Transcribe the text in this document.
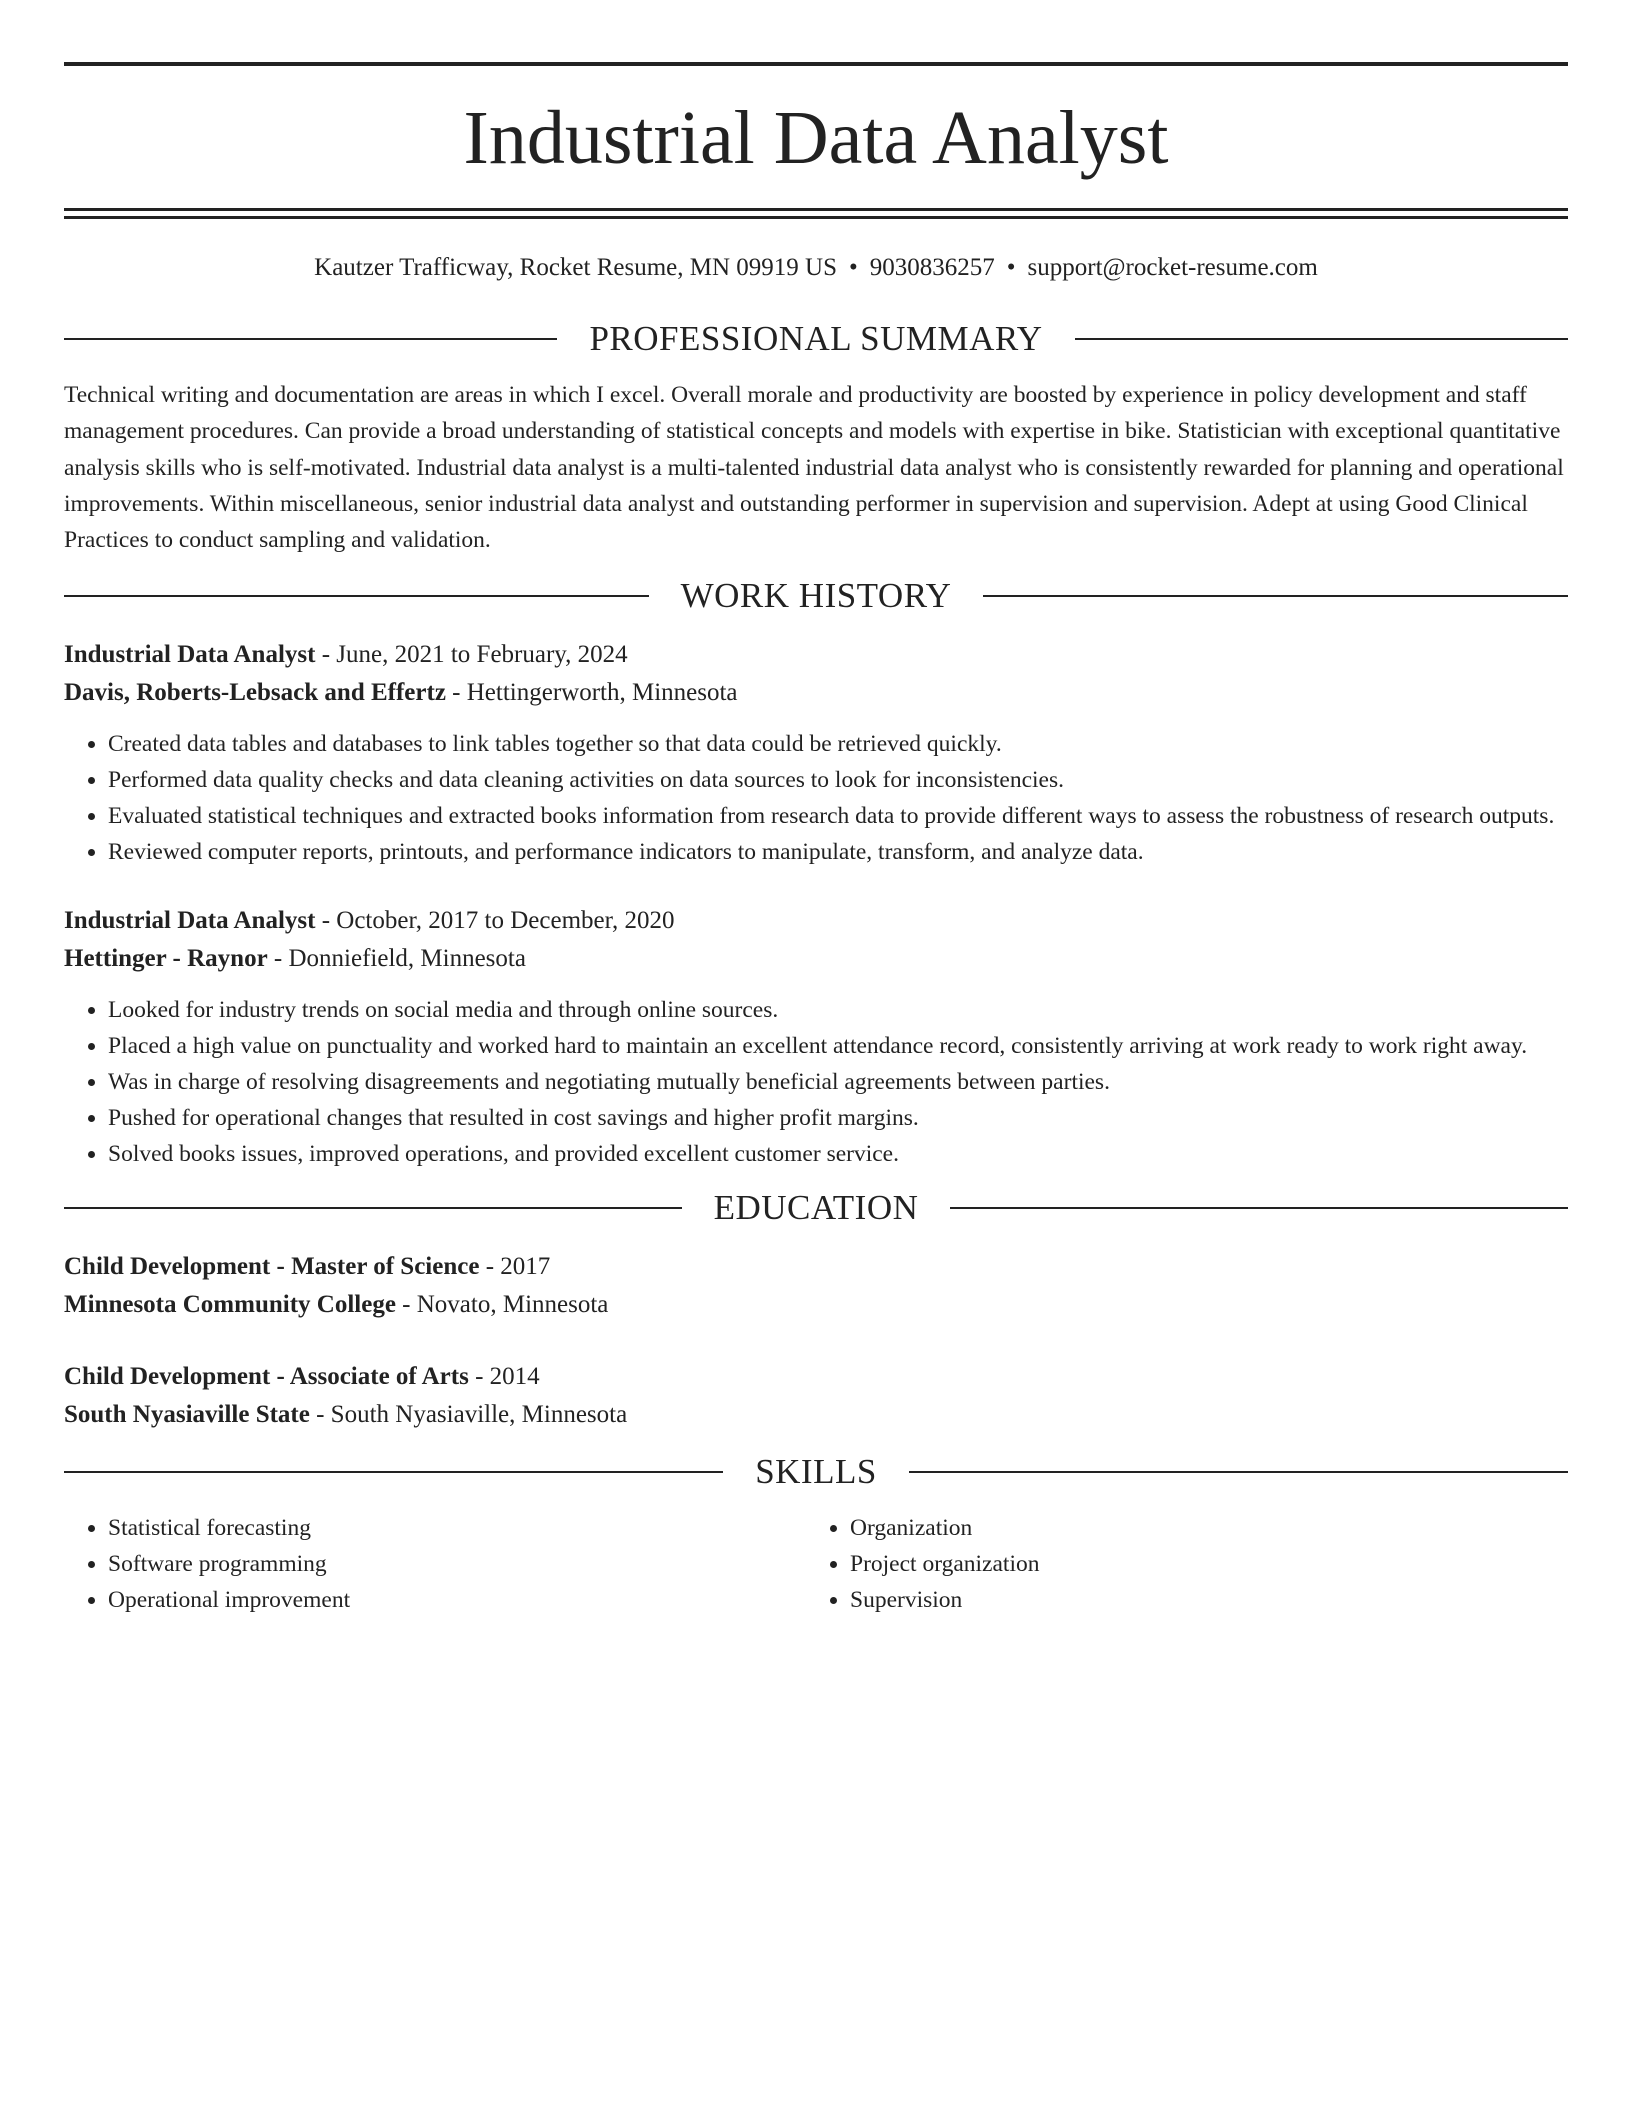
Industrial Data Analyst
Kautzer Trafficway, Rocket Resume, MN 09919 US • 9030836257 • support@rocket-resume.com
PROFESSIONAL SUMMARY

Technical writing and documentation are areas in which I excel. Overall morale and productivity are boosted by experience in policy development and staff management procedures. Can provide a broad understanding of statistical concepts and models with expertise in bike. Statistician with exceptional quantitative analysis skills who is self-motivated. Industrial data analyst is a multi-talented industrial data analyst who is consistently rewarded for planning and operational improvements. Within miscellaneous, senior industrial data analyst and outstanding performer in supervision and supervision. Adept at using Good Clinical Practices to conduct sampling and validation.

WORK HISTORY

Industrial Data Analyst - June, 2021 to February, 2024

Davis, Roberts-Lebsack and Effertz - Hettingerworth, Minnesota

• Created data tables and databases to link tables together so that data could be retrieved quickly.
• Performed data quality checks and data cleaning activities on data sources to look for inconsistencies.
• Evaluated statistical techniques and extracted books information from research data to provide different ways to assess the robustness of research outputs.
• Reviewed computer reports, printouts, and performance indicators to manipulate, transform, and analyze data.

Industrial Data Analyst - October, 2017 to December, 2020

Hettinger - Raynor - Donniefield, Minnesota

• Looked for industry trends on social media and through online sources.
• Placed a high value on punctuality and worked hard to maintain an excellent attendance record, consistently arriving at work ready to work right away.
• Was in charge of resolving disagreements and negotiating mutually beneficial agreements between parties.
• Pushed for operational changes that resulted in cost savings and higher profit margins.
• Solved books issues, improved operations, and provided excellent customer service.
EDUCATION

Child Development - Master of Science - 2017

Minnesota Community College - Novato, Minnesota

Child Development - Associate of Arts - 2014

South Nyasiaville State - South Nyasiaville, Minnesota

SKILLS
• Statistical forecasting
• Software programming
• Operational improvement
• Organization
• Project organization
• Supervision
